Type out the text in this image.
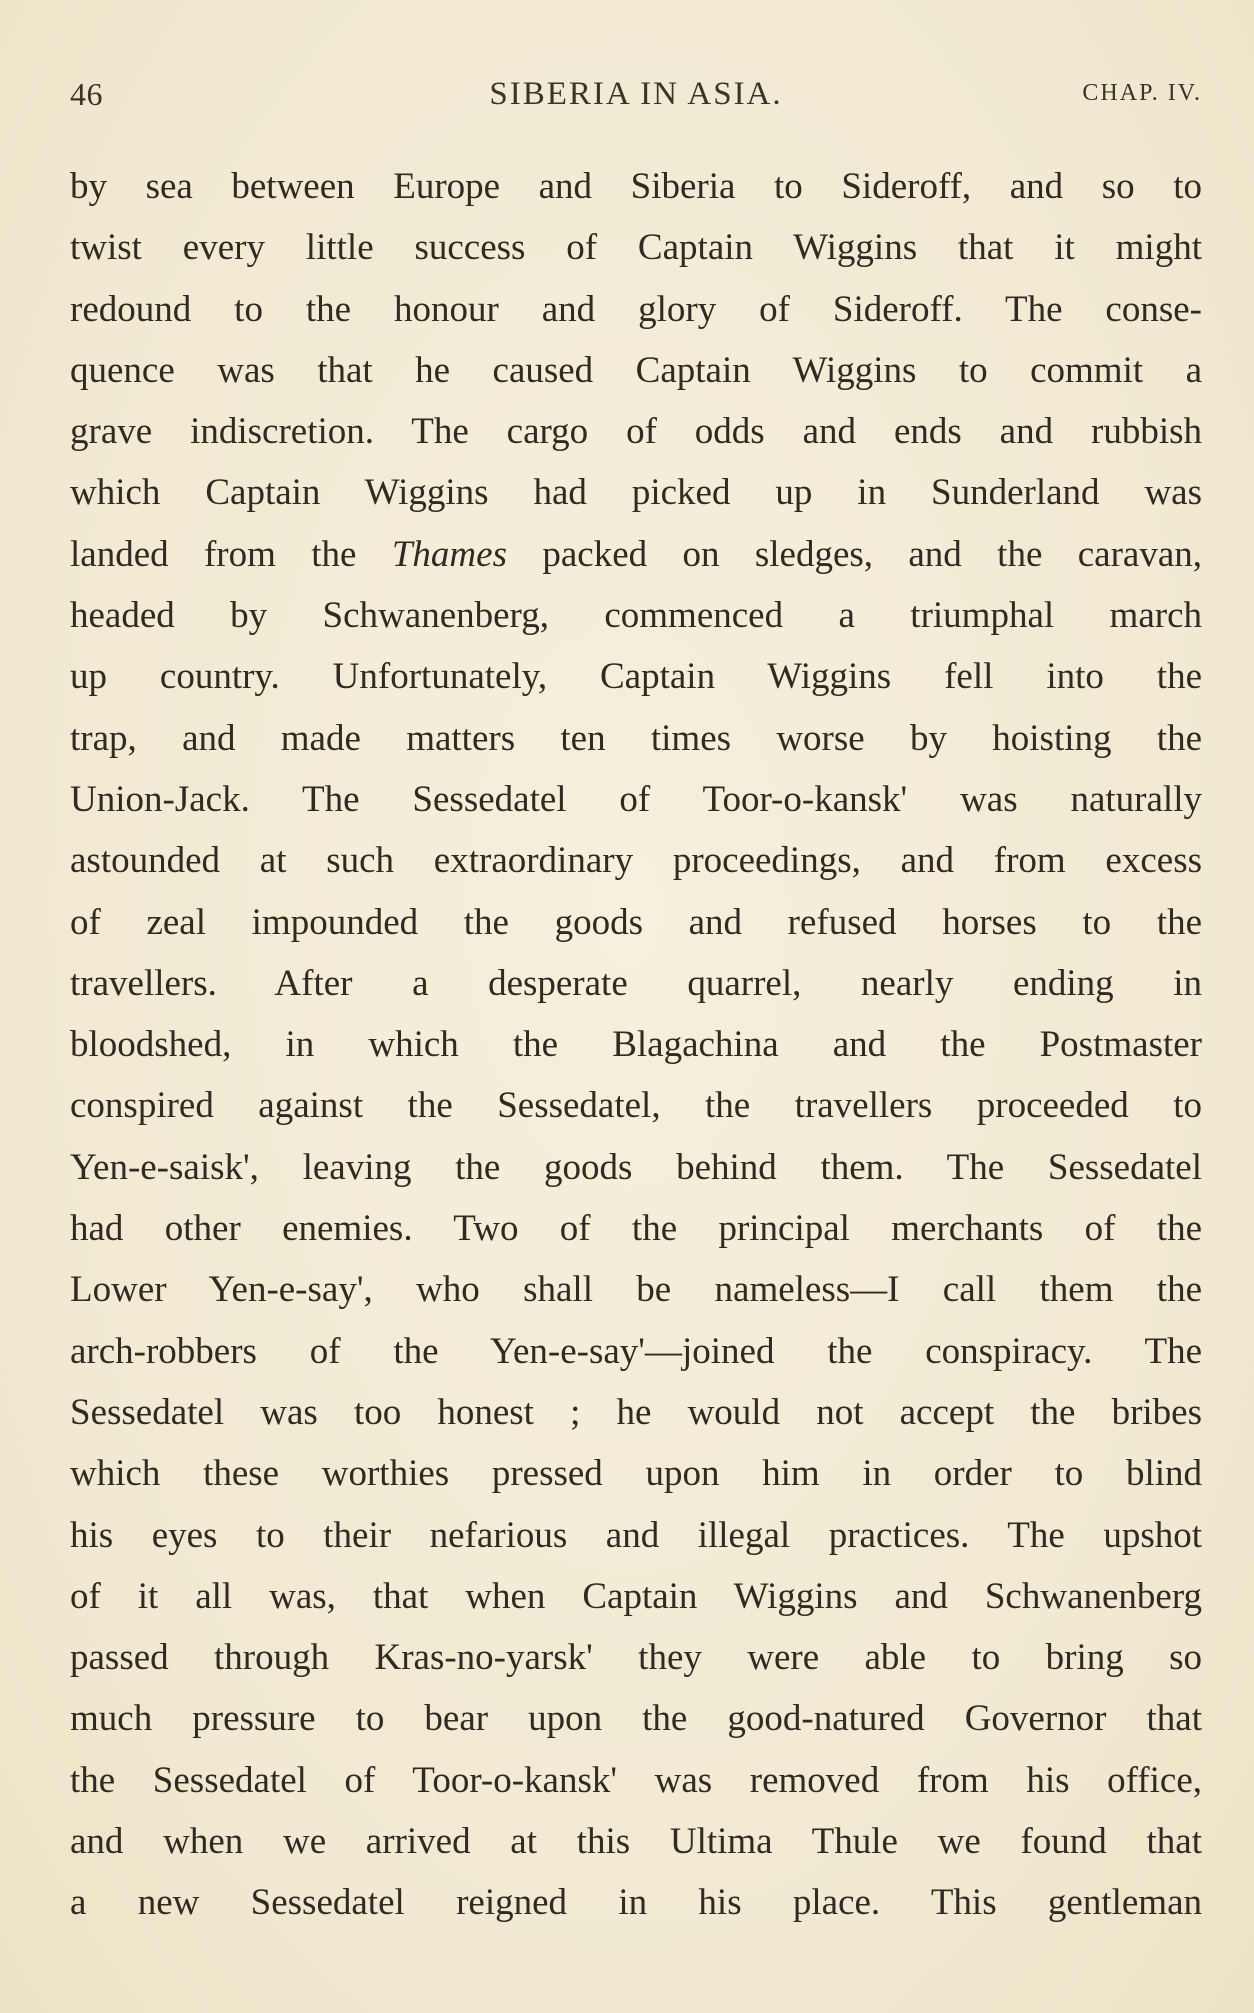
46	SIBERIA IN ASIA.	CHAP. IV.
by sea between Europe and Siberia to Sideroff, and so to
twist every little success of Captain Wiggins that it might
redound to the honour and glory of Sideroff. The conse-
quence was that he caused Captain Wiggins to commit a
grave indiscretion. The cargo of odds and ends and rubbish
which Captain Wiggins had picked up in Sunderland was
landed from the Thames packed on sledges, and the caravan,
headed by Schwanenberg, commenced a triumphal march
up country. Unfortunately, Captain Wiggins fell into the
trap, and made matters ten times worse by hoisting the
Union-Jack. The Sessedatel of Toor-o-kansk' was naturally
astounded at such extraordinary proceedings, and from excess
of zeal impounded the goods and refused horses to the
travellers. After a desperate quarrel, nearly ending in
bloodshed, in which the Blagachina and the Postmaster
conspired against the Sessedatel, the travellers proceeded to
Yen-e-saisk', leaving the goods behind them. The Sessedatel
had other enemies. Two of the principal merchants of the
Lower Yen-e-say', who shall be nameless—I call them the
arch-robbers of the Yen-e-say'—joined the conspiracy. The
Sessedatel was too honest ; he would not accept the bribes
which these worthies pressed upon him in order to blind
his eyes to their nefarious and illegal practices. The upshot
of it all was, that when Captain Wiggins and Schwanenberg
passed through Kras-no-yarsk' they were able to bring so
much pressure to bear upon the good-natured Governor that
the Sessedatel of Toor-o-kansk' was removed from his office,
and when we arrived at this Ultima Thule we found that
a new Sessedatel reigned in his place. This gentleman
